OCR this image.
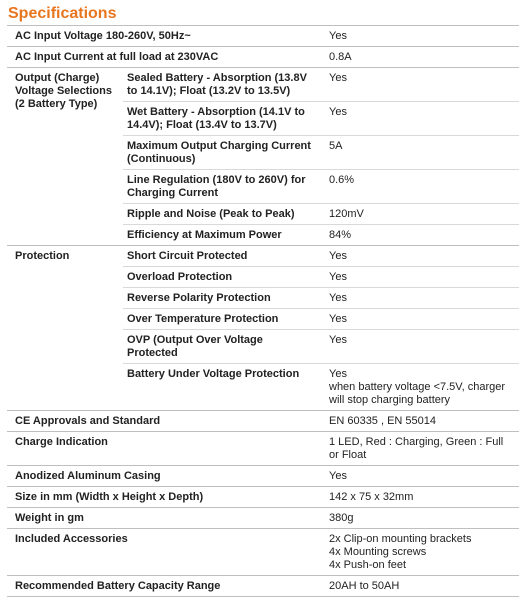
Specifications
AC Input Voltage 180-260V, 50Hz~		Yes
AC Input Current at full load at 230VAC		0.8A
Output (Charge) Voltage Selections (2 Battery Type)	Sealed Battery - Absorption (13.8V to 14.1V); Float (13.2V to 13.5V)	Yes
	Wet Battery - Absorption (14.1V to 14.4V); Float (13.4V to 13.7V)	Yes
	Maximum Output Charging Current (Continuous)	5A
	Line Regulation (180V to 260V) for Charging Current	0.6%
	Ripple and Noise (Peak to Peak)	120mV
	Efficiency at Maximum Power	84%
Protection	Short Circuit Protected	Yes
	Overload Protection	Yes
	Reverse Polarity Protection	Yes
	Over Temperature Protection	Yes
	OVP (Output Over Voltage Protected	Yes
	Battery Under Voltage Protection	Yes
when battery voltage <7.5V, charger will stop charging battery

CE Approvals and Standard		EN 60335 , EN 55014
Charge Indication		1 LED, Red : Charging, Green : Full or Float
Anodized Aluminum Casing		Yes
Size in mm (Width x Height x Depth)		142 x 75 x 32mm
Weight in gm		380g
Included Accessories		2x Clip-on mounting brackets
4x Mounting screws
4x Push-on feet

Recommended Battery Capacity Range		20AH to 50AH
